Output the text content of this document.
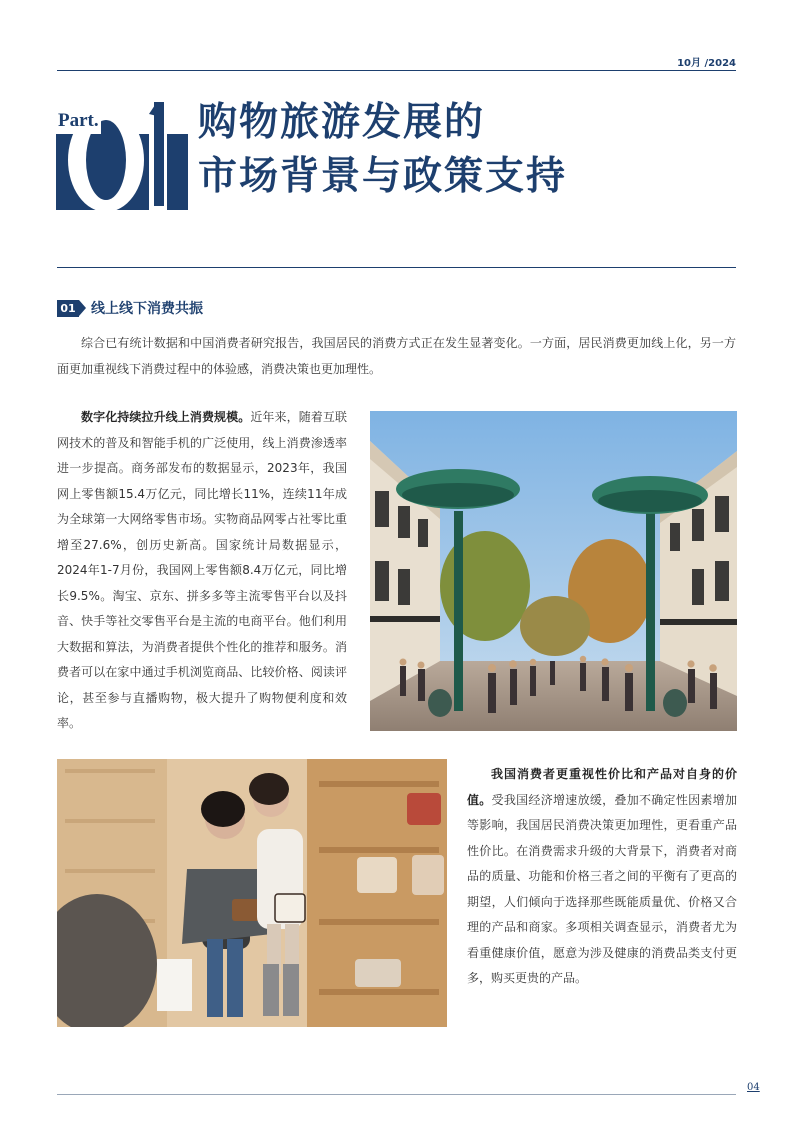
10月 /2024
Part.	购物旅游发展的
市场背景与政策支持
01 线上线下消费共振
综合已有统计数据和中国消费者研究报告，我国居民的消费方式正在发生显著变化。一方面，居民消费更加线上化，另一方面更加重视线下消费过程中的体验感，消费决策也更加理性。
数字化持续拉升线上消费规模。近年来，随着互联网技术的普及和智能手机的广泛使用，线上消费渗透率进一步提高。商务部发布的数据显示，2023年，我国网上零售额15.4万亿元，同比增长11%，连续11年成为全球第一大网络零售市场。实物商品网零占社零比重增至27.6%，创历史新高。国家统计局数据显示，2024年1-7月份，我国网上零售额8.4万亿元，同比增长9.5%。淘宝、京东、拼多多等主流零售平台以及抖音、快手等社交零售平台是主流的电商平台。他们利用大数据和算法，为消费者提供个性化的推荐和服务。消费者可以在家中通过手机浏览商品、比较价格、阅读评论，甚至参与直播购物，极大提升了购物便利度和效率。
我国消费者更重视性价比和产品对自身的价值。受我国经济增速放缓，叠加不确定性因素增加等影响，我国居民消费决策更加理性，更看重产品性价比。在消费需求升级的大背景下，消费者对商品的质量、功能和价格三者之间的平衡有了更高的期望，人们倾向于选择那些既能质量优、价格又合理的产品和商家。多项相关调查显示，消费者尤为看重健康价值，愿意为涉及健康的消费品类支付更多，购买更贵的产品。
04
